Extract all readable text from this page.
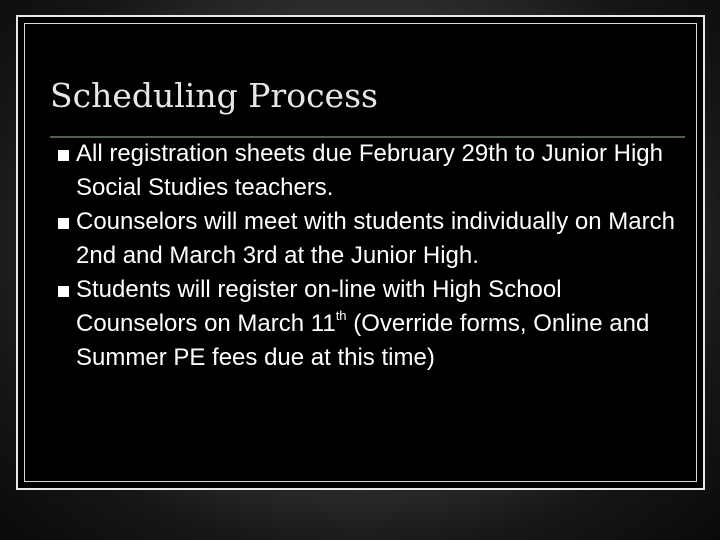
Scheduling Process
All registration sheets due February 29th to Junior High Social Studies teachers.
Counselors will meet with students individually on March 2nd and March 3rd at the Junior High.
Students will register on-line with High School Counselors on March 11th (Override forms, Online and Summer PE fees due at this time)
